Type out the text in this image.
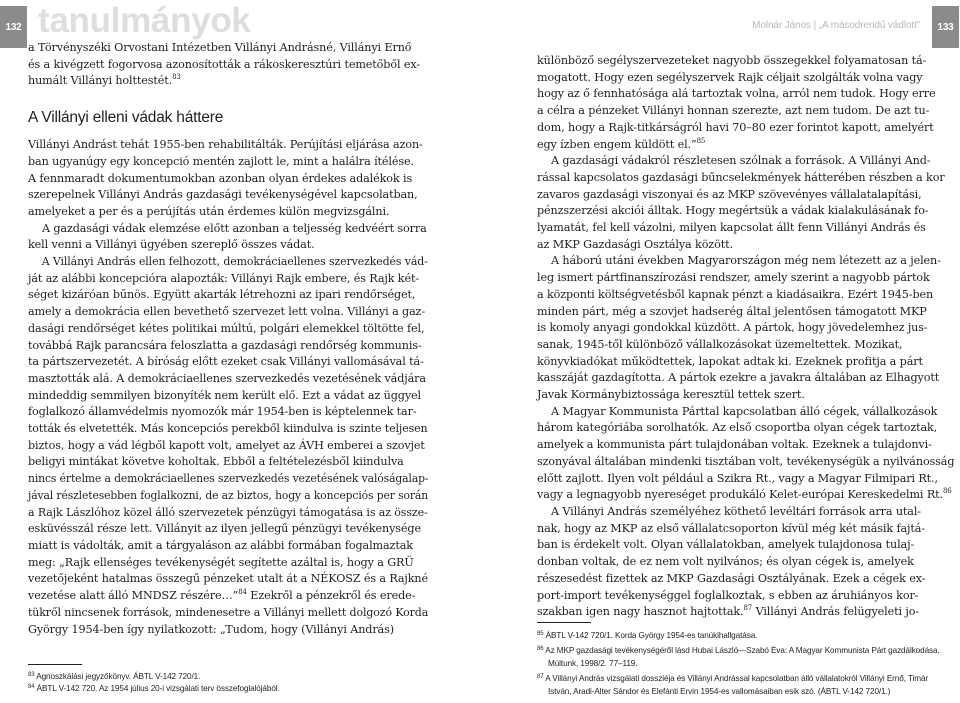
132 tanulmányok	Molnár János | „A másodrendű vádlott”	133
a Törvényszéki Orvostani Intézetben Villányi Andrásné, Villányi Ernő
és a kivégzett fogorvosa azonosították a rákoskeresztúri temetőből ex-
humált Villányi holttestét.$^{83}$
A Villányi elleni vádak háttere
Villányi Andrást tehát 1955-ben rehabilitálták. Perújítási eljárása azon-
ban ugyanúgy egy koncepció mentén zajlott le, mint a halálra ítélése.
A fennmaradt dokumentumokban azonban olyan érdekes adalékok is
szerepelnek Villányi András gazdasági tevékenységével kapcsolatban,
amelyeket a per és a perújítás után érdemes külön megvizsgálni.
A gazdasági vádak elemzése előtt azonban a teljesség kedvéért sorra
kell venni a Villányi ügyében szereplő összes vádat.
A Villányi András ellen felhozott, demokráciaellenes szervezkedés vád-
ját az alábbi koncepcióra alapozták: Villányi Rajk embere, és Rajk két-
séget kizáróan bűnös. Együtt akarták létrehozni az ipari rendőrséget,
amely a demokrácia ellen bevethető szervezet lett volna. Villányi a gaz-
dasági rendőrséget kétes politikai múltú, polgári elemekkel töltötte fel,
továbbá Rajk parancsára feloszlatta a gazdasági rendőrség kommunis-
ta pártszervezetét. A bíróság előtt ezeket csak Villányi vallomásával tá-
masztották alá. A demokráciaellenes szervezkedés vezetésének vádjára
mindeddig semmilyen bizonyíték nem került elő. Ezt a vádat az üggyel
foglalkozó államvédelmis nyomozók már 1954-ben is képtelennek tar-
tották és elvetették. Más koncepciós perekből kiindulva is szinte teljesen
biztos, hogy a vád légből kapott volt, amelyet az ÁVH emberei a szovjet
beligyi mintákat követve koholtak. Ebből a feltételezésből kiindulva
nincs értelme a demokráciaellenes szervezkedés vezetésének valóságalap-
jával részletesebben foglalkozni, de az biztos, hogy a koncepciós per során
a Rajk Lászlóhoz közel álló szervezetek pénzügyi támogatása is az össze-
esküvésszál része lett. Villányit az ilyen jellegű pénzügyi tevékenysége
miatt is vádolták, amit a tárgyaláson az alábbi formában fogalmaztak
meg: „Rajk ellenséges tevékenységét segítette azáltal is, hogy a GRÜ
vezetőjeként hatalmas összegű pénzeket utalt át a NÉKOSZ és a Rajkné
vezetése alatt álló MNDSZ részére…”$^{84}$ Ezekről a pénzekről és erede-
tükről nincsenek források, mindenesetre a Villányi mellett dolgozó Korda
György 1954-ben így nyilatkozott: „Tudom, hogy (Villányi András)
$^{83}$ Agnoszkálási jegyzőkönyv. ÁBTL V-142 720/1.
$^{84}$ ÁBTL V-142 720. Az 1954 július 20-i vizsgálati terv összefoglalójából.
különböző segélyszervezeteket nagyobb összegekkel folyamatosan tá-
mogatott. Hogy ezen segélyszervek Rajk céljait szolgálták volna vagy
hogy az ő fennhatósága alá tartoztak volna, arról nem tudok. Hogy erre
a célra a pénzeket Villányi honnan szerezte, azt nem tudom. De azt tu-
dom, hogy a Rajk-titkárságról havi 70–80 ezer forintot kapott, amelyért
egy ízben engem küldött el.”$^{85}$
A gazdasági vádakról részletesen szólnak a források. A Villányi And-
rással kapcsolatos gazdasági bűncselekmények hátterében részben a kor
zavaros gazdasági viszonyai és az MKP szövevényes vállalatalapítási,
pénzszerzési akciói álltak. Hogy megértsük a vádak kialakulásának fo-
lyamatát, fel kell vázolni, milyen kapcsolat állt fenn Villányi András és
az MKP Gazdasági Osztálya között.
A háború utáni években Magyarországon még nem létezett az a jelen-
leg ismert pártfinanszírozási rendszer, amely szerint a nagyobb pártok
a központi költségvetésből kapnak pénzt a kiadásaikra. Ezért 1945-ben
minden párt, még a szovjet hadserég által jelentősen támogatott MKP
is komoly anyagi gondokkal küzdött. A pártok, hogy jövedelemhez jus-
sanak, 1945-től különböző vállalkozásokat üzemeltettek. Mozikat,
könyvkiadókat működtettek, lapokat adtak ki. Ezeknek profitja a párt
kasszáját gazdagította. A pártok ezekre a javakra általában az Elhagyott
Javak Kormánybiztossága keresztül tettek szert.
A Magyar Kommunista Párttal kapcsolatban álló cégek, vállalkozások
három kategóriába sorolhatók. Az első csoportba olyan cégek tartoztak,
amelyek a kommunista párt tulajdonában voltak. Ezeknek a tulajdonvi-
szonyával általában mindenki tisztában volt, tevékenységük a nyilvánosság
előtt zajlott. Ilyen volt például a Szikra Rt., vagy a Magyar Filmipari Rt.,
vagy a legnagyobb nyereséget produkáló Kelet-európai Kereskedelmi Rt.$^{86}$
A Villányi András személyéhez köthető levéltári források arra utal-
nak, hogy az MKP az első vállalatcsoporton kívül még két másik fajtá-
ban is érdekelt volt. Olyan vállalatokban, amelyek tulajdonosa tulaj-
donban voltak, de ez nem volt nyilvános; és olyan cégek is, amelyek
részesedést fizettek az MKP Gazdasági Osztályának. Ezek a cégek ex-
port-import tevékenységgel foglalkoztak, s ebben az áruhiányos kor-
szakban igen nagy hasznot hajtottak.$^{87}$ Villányi András felügyeleti jo-
$^{85}$ ÁBTL V-142 720/1. Korda György 1954-es tanúkihallgatása.
$^{86}$ Az MKP gazdasági tevékenységéről lásd Hubai László—Szabó Éva: A Magyar Kommunista Párt gazdálkodása.
Múltunk, 1998/2. 77–119.
$^{87}$ A Villányi András vizsgálati dossziéja és Villányi Andrással kapcsolatban álló vállalatokról Villányi Ernő, Timár
István, Aradi-Alter Sándor és Elefánti Ervin 1954-es vallomásaiban esik szó. (ÁBTL V-142 720/1.)
